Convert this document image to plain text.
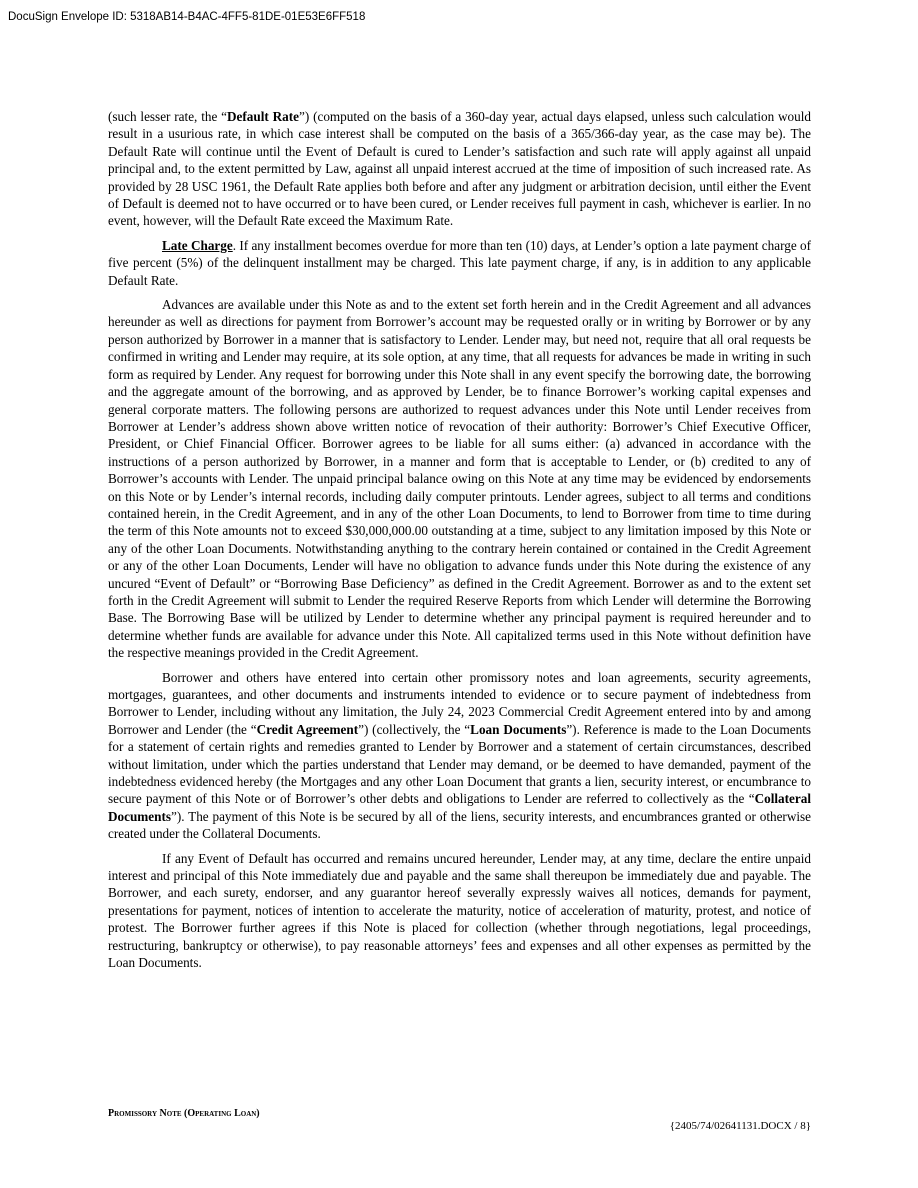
DocuSign Envelope ID: 5318AB14-B4AC-4FF5-81DE-01E53E6FF518

(such lesser rate, the “Default Rate”) (computed on the basis of a 360-day year, actual days elapsed, unless such calculation would result in a usurious rate, in which case interest shall be computed on the basis of a 365/366-day year, as the case may be). The Default Rate will continue until the Event of Default is cured to Lender’s satisfaction and such rate will apply against all unpaid principal and, to the extent permitted by Law, against all unpaid interest accrued at the time of imposition of such increased rate. As provided by 28 USC 1961, the Default Rate applies both before and after any judgment or arbitration decision, until either the Event of Default is deemed not to have occurred or to have been cured, or Lender receives full payment in cash, whichever is earlier. In no event, however, will the Default Rate exceed the Maximum Rate.

Late Charge. If any installment becomes overdue for more than ten (10) days, at Lender’s option a late payment charge of five percent (5%) of the delinquent installment may be charged. This late payment charge, if any, is in addition to any applicable Default Rate.

Advances are available under this Note as and to the extent set forth herein and in the Credit Agreement and all advances hereunder as well as directions for payment from Borrower’s account may be requested orally or in writing by Borrower or by any person authorized by Borrower in a manner that is satisfactory to Lender. Lender may, but need not, require that all oral requests be confirmed in writing and Lender may require, at its sole option, at any time, that all requests for advances be made in writing in such form as required by Lender. Any request for borrowing under this Note shall in any event specify the borrowing date, the borrowing and the aggregate amount of the borrowing, and as approved by Lender, be to finance Borrower’s working capital expenses and general corporate matters. The following persons are authorized to request advances under this Note until Lender receives from Borrower at Lender’s address shown above written notice of revocation of their authority: Borrower’s Chief Executive Officer, President, or Chief Financial Officer. Borrower agrees to be liable for all sums either: (a) advanced in accordance with the instructions of a person authorized by Borrower, in a manner and form that is acceptable to Lender, or (b) credited to any of Borrower’s accounts with Lender. The unpaid principal balance owing on this Note at any time may be evidenced by endorsements on this Note or by Lender’s internal records, including daily computer printouts. Lender agrees, subject to all terms and conditions contained herein, in the Credit Agreement, and in any of the other Loan Documents, to lend to Borrower from time to time during the term of this Note amounts not to exceed $30,000,000.00 outstanding at a time, subject to any limitation imposed by this Note or any of the other Loan Documents. Notwithstanding anything to the contrary herein contained or contained in the Credit Agreement or any of the other Loan Documents, Lender will have no obligation to advance funds under this Note during the existence of any uncured “Event of Default” or “Borrowing Base Deficiency” as defined in the Credit Agreement. Borrower as and to the extent set forth in the Credit Agreement will submit to Lender the required Reserve Reports from which Lender will determine the Borrowing Base. The Borrowing Base will be utilized by Lender to determine whether any principal payment is required hereunder and to determine whether funds are available for advance under this Note. All capitalized terms used in this Note without definition have the respective meanings provided in the Credit Agreement.

Borrower and others have entered into certain other promissory notes and loan agreements, security agreements, mortgages, guarantees, and other documents and instruments intended to evidence or to secure payment of indebtedness from Borrower to Lender, including without any limitation, the July 24, 2023 Commercial Credit Agreement entered into by and among Borrower and Lender (the “Credit Agreement”) (collectively, the “Loan Documents”). Reference is made to the Loan Documents for a statement of certain rights and remedies granted to Lender by Borrower and a statement of certain circumstances, described without limitation, under which the parties understand that Lender may demand, or be deemed to have demanded, payment of the indebtedness evidenced hereby (the Mortgages and any other Loan Document that grants a lien, security interest, or encumbrance to secure payment of this Note or of Borrower’s other debts and obligations to Lender are referred to collectively as the “Collateral Documents”). The payment of this Note is be secured by all of the liens, security interests, and encumbrances granted or otherwise created under the Collateral Documents.

If any Event of Default has occurred and remains uncured hereunder, Lender may, at any time, declare the entire unpaid interest and principal of this Note immediately due and payable and the same shall thereupon be immediately due and payable. The Borrower, and each surety, endorser, and any guarantor hereof severally expressly waives all notices, demands for payment, presentations for payment, notices of intention to accelerate the maturity, notice of acceleration of maturity, protest, and notice of protest. The Borrower further agrees if this Note is placed for collection (whether through negotiations, legal proceedings, restructuring, bankruptcy or otherwise), to pay reasonable attorneys’ fees and expenses and all other expenses as permitted by the Loan Documents.

Promissory Note (Operating Loan)
{2405/74/02641131.DOCX / 8}
